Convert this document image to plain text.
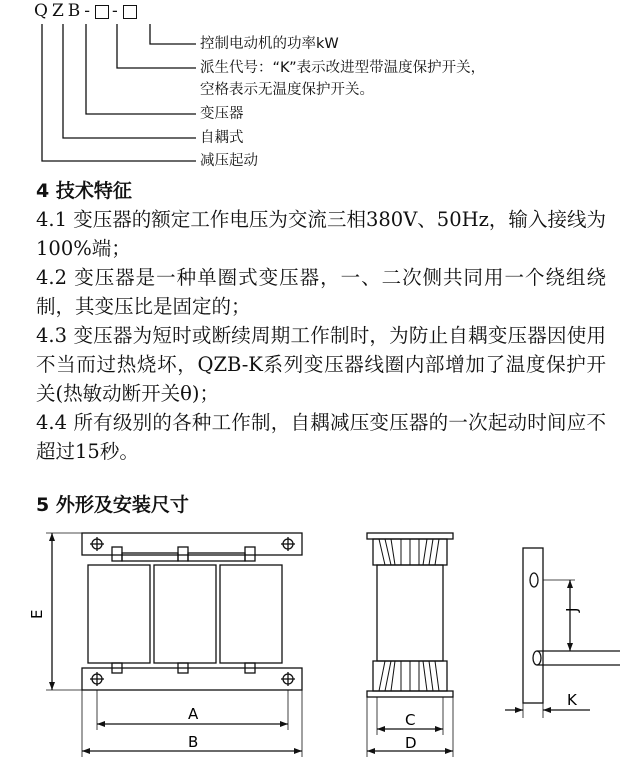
Q Z B - -
控制电动机的功率kW
派生代号：“K”表示改进型带温度保护开关，
空格表示无温度保护开关。
变压器
自耦式
减压起动
4 技术特征

4.1 变压器的额定工作电压为交流三相380V、50Hz，输入接线为100%端；

4.2 变压器是一种单圈式变压器，一、二次侧共同用一个绕组绕制，其变压比是固定的；

4.3 变压器为短时或断续周期工作制时，为防止自耦变压器因使用不当而过热烧坏，QZB-K系列变压器线圈内部增加了温度保护开关(热敏动断开关θ)；

4.4 所有级别的各种工作制，自耦减压变压器的一次起动时间应不超过15秒。

5 外形及安装尺寸
E
A
B
C
D
J
K
